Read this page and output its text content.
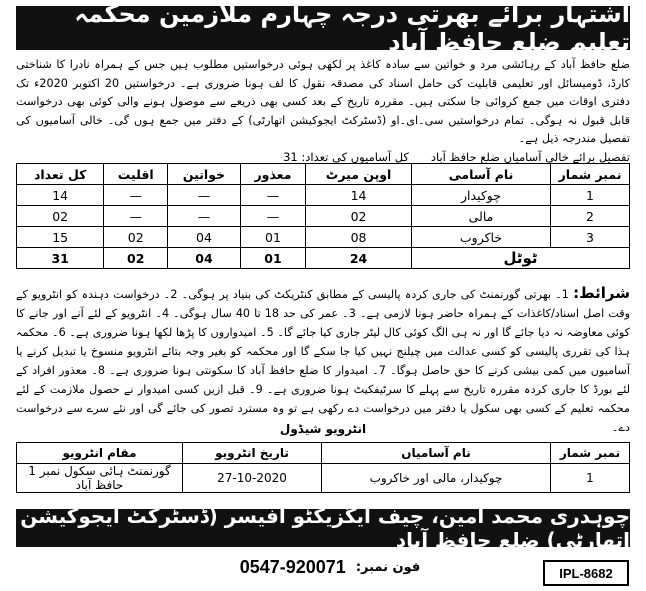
اشتہار برائے بھرتی درجہ چہارم ملازمین محکمہ تعلیم ضلع حافظ آباد

ضلع حافظ آباد کے رہائشی مرد و خواتین سے سادہ کاغذ پر لکھی ہوئی درخواستیں مطلوب ہیں جس کے ہمراہ نادرا کا شناختی کارڈ، ڈومیسائل اور تعلیمی قابلیت کی حامل اسناد کی مصدقہ نقول کا لف ہونا ضروری ہے۔ درخواستیں 20 اکتوبر 2020ء تک دفتری اوقات میں جمع کروائی جا سکتی ہیں۔ مقررہ تاریخ کے بعد کسی بھی ذریعے سے موصول ہونے والی کوئی بھی درخواست قابل قبول نہ ہوگی۔ تمام درخواستیں سی۔ای۔او (ڈسٹرکٹ ایجوکیشن اتھارٹی) کے دفتر میں جمع ہوں گی۔ خالی آسامیوں کی تفصیل مندرجہ ذیل ہے۔

تفصیل برائے خالی آسامیاں ضلع حافظ آباد      کل آسامیوں کی تعداد: 31
نمبر شمار	نام آسامی	اوپن میرٹ	معذور	خواتین	اقلیت	کل تعداد
1	چوکیدار	14	—	—	—	14
2	مالی	02	—	—	—	02
3	خاکروب	08	01	04	02	15
ٹوٹل		24	01	04	02	31
شرائط: 1۔ بھرتی گورنمنٹ کی جاری کردہ پالیسی کے مطابق کنٹریکٹ کی بنیاد پر ہوگی۔ 2۔ درخواست دہندہ کو انٹرویو کے وقت اصل اسناد/کاغذات کے ہمراہ حاضر ہونا لازمی ہے۔ 3۔ عمر کی حد 18 تا 40 سال ہوگی۔ 4۔ انٹرویو کے لئے آنے اور جانے کا کوئی معاوضہ نہ دیا جائے گا اور نہ ہی الگ کوئی کال لیٹر جاری کیا جائے گا۔ 5۔ امیدواروں کا پڑھا لکھا ہونا ضروری ہے۔ 6۔ محکمہ ہذا کی تقرری پالیسی کو کسی عدالت میں چیلنج نہیں کیا جا سکے گا اور محکمہ کو بغیر وجہ بتائے انٹرویو منسوخ یا تبدیل کرنے یا آسامیوں میں کمی بیشی کرنے کا حق حاصل ہوگا۔ 7۔ امیدوار کا ضلع حافظ آباد کا سکونتی ہونا ضروری ہے۔ 8۔ معذور افراد کے لئے بورڈ کا جاری کردہ مقررہ تاریخ سے پہلے کا سرٹیفکیٹ ہونا ضروری ہے۔ 9۔ قبل ازیں کسی امیدوار نے حصول ملازمت کے لئے محکمہ تعلیم کے کسی بھی سکول یا دفتر میں درخواست دے رکھی ہے تو وہ مسترد تصور کی جائے گی اور نئے سرے سے درخواست دے۔
انٹرویو شیڈول
نمبر شمار	نام آسامیاں	تاریخ انٹرویو	مقام انٹرویو
1	چوکیدار، مالی اور خاکروب	27-10-2020	گورنمنٹ ہائی سکول نمبر 1 حافظ آباد
چوہدری محمد امین، چیف ایگزیکٹو آفیسر (ڈسٹرکٹ ایجوکیشن اتھارٹی) ضلع حافظ آباد
فون نمبر:
0547-920071	IPL-8682
